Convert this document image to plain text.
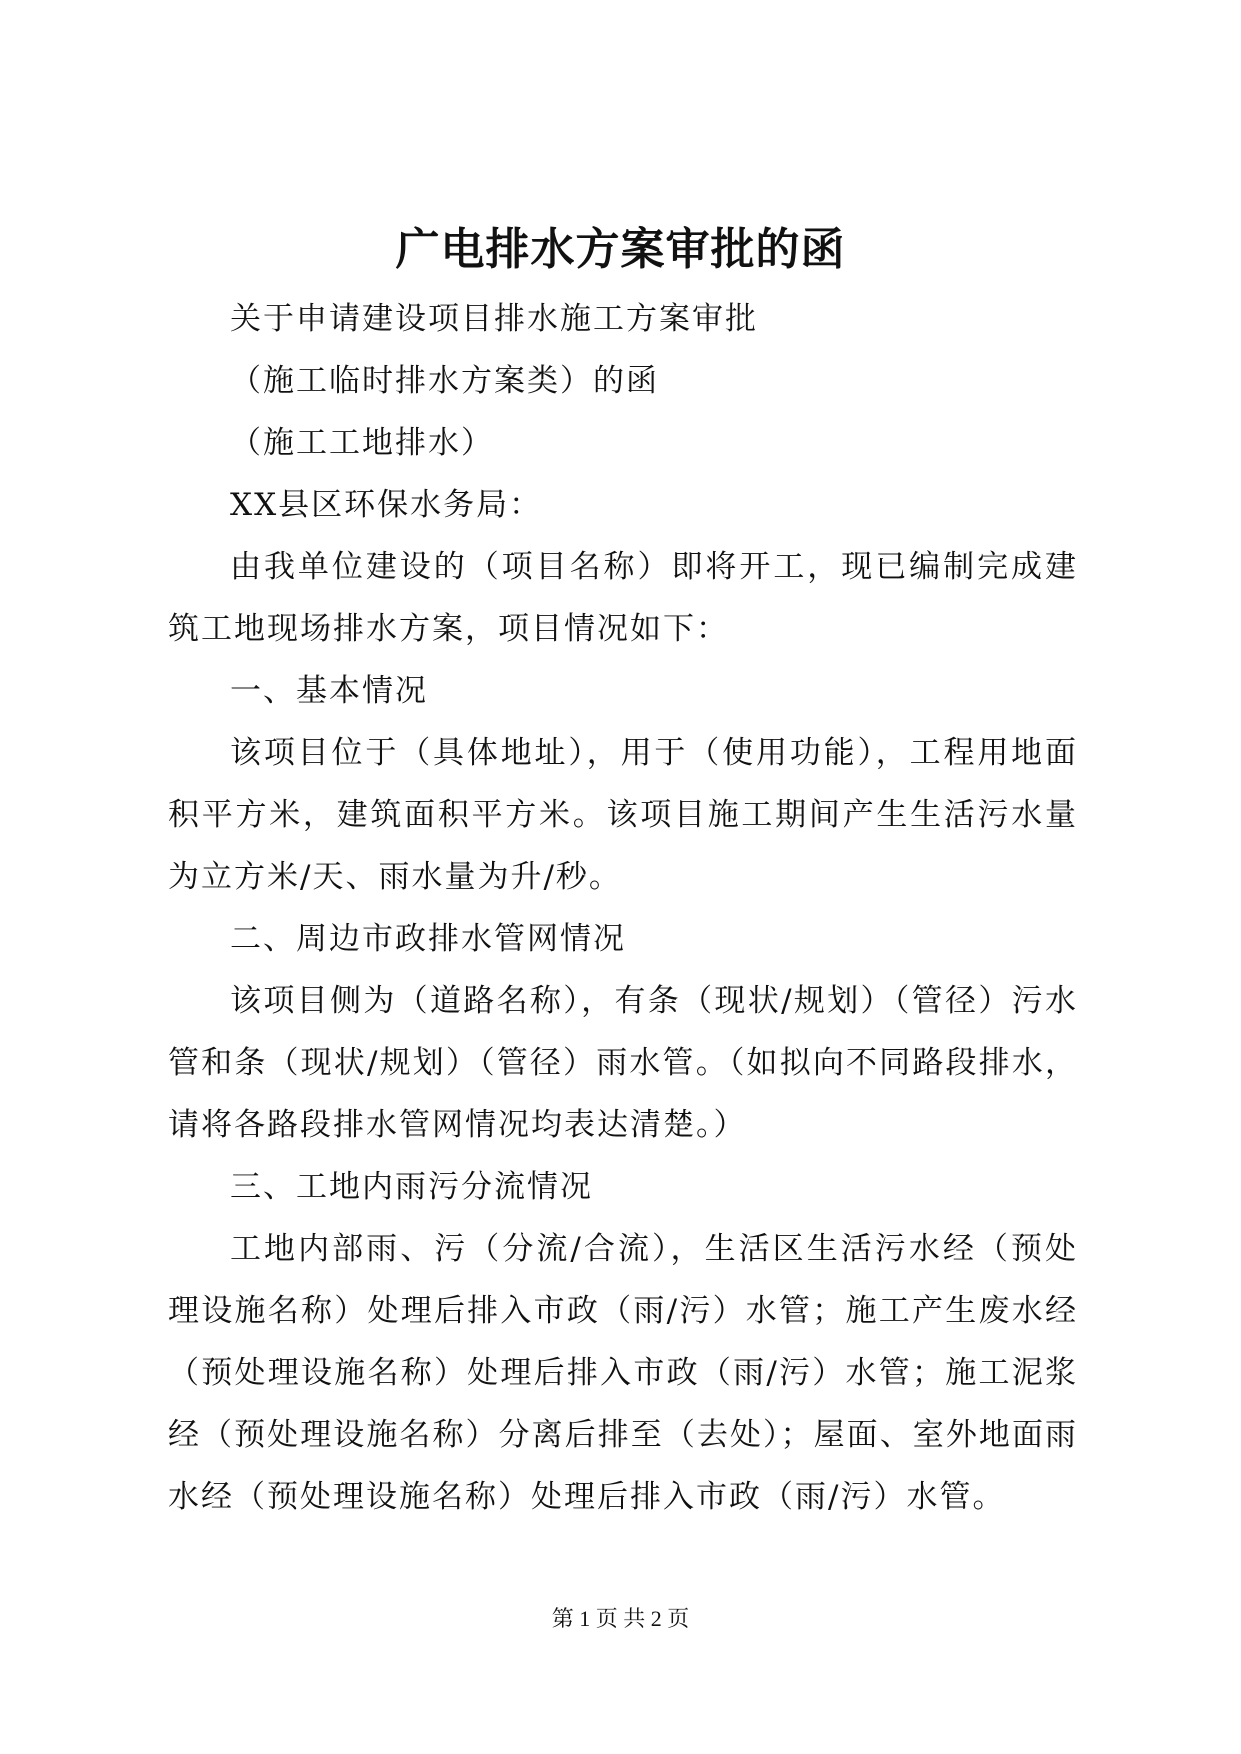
广电排水方案审批的函

关于申请建设项目排水施工方案审批

（施工临时排水方案类）的函

（施工工地排水）

XX县区环保水务局：

由我单位建设的（项目名称）即将开工，现已编制完成建筑工地现场排水方案，项目情况如下：

一、基本情况

该项目位于（具体地址），用于（使用功能），工程用地面积平方米，建筑面积平方米。该项目施工期间产生生活污水量为立方米/天、雨水量为升/秒。

二、周边市政排水管网情况

该项目侧为（道路名称），有条（现状/规划）（管径）污水管和条（现状/规划）（管径）雨水管。（如拟向不同路段排水，请将各路段排水管网情况均表达清楚。）

三、工地内雨污分流情况

工地内部雨、污（分流/合流），生活区生活污水经（预处理设施名称）处理后排入市政（雨/污）水管；施工产生废水经（预处理设施名称）处理后排入市政（雨/污）水管；施工泥浆经（预处理设施名称）分离后排至（去处）；屋面、室外地面雨水经（预处理设施名称）处理后排入市政（雨/污）水管。

第 1 页 共 2 页
